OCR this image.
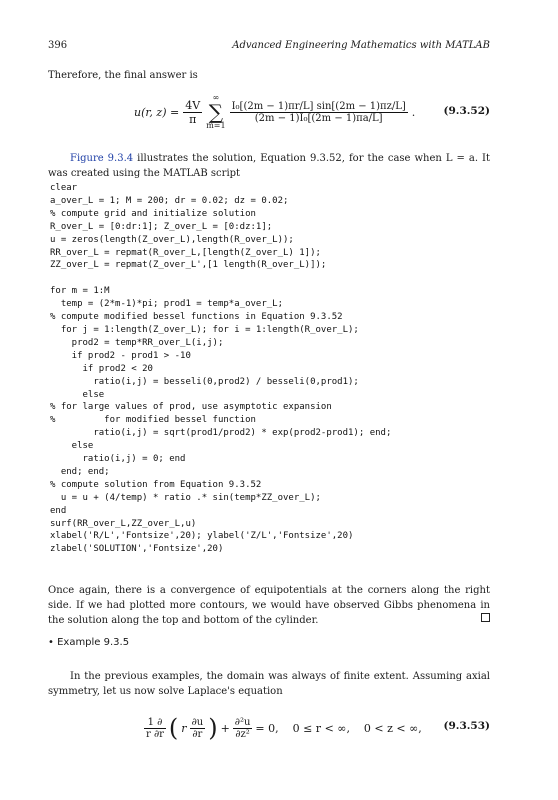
396	Advanced Engineering Mathematics with MATLAB
Therefore, the final answer is
u(r, $z) = \frac{4V}{\pi}$
∞
∑
m=1
$\frac{\text{I₀[(2m − 1)πr/L] sin[(2m − 1)πz/L]}}{\text{(2m − 1)I₀[(2m − 1)πa/L]}}$ .	(9.3.52)
Figure 9.3.4 illustrates the solution, Equation 9.3.52, for the case when L = a. It was created using the MATLAB script
clear
a_over_L = 1; M = 200; dr = 0.02; dz = 0.02;
% compute grid and initialize solution
R_over_L = [0:dr:1]; Z_over_L = [0:dz:1];
u = zeros(length(Z_over_L),length(R_over_L));
RR_over_L = repmat(R_over_L,[length(Z_over_L) 1]);
ZZ_over_L = repmat(Z_over_L',[1 length(R_over_L)]);

for m = 1:M
temp = (2*m-1)*pi; prod1 = temp*a_over_L;
% compute modified bessel functions in Equation 9.3.52
for j = 1:length(Z_over_L); for i = 1:length(R_over_L);
prod2 = temp*RR_over_L(i,j);
if prod2 - prod1 > -10
if prod2 < 20
ratio(i,j) = besseli(0,prod2) / besseli(0,prod1);
else
% for large values of prod, use asymptotic expansion
%         for modified bessel function
ratio(i,j) = sqrt(prod1/prod2) * exp(prod2-prod1); end;
else
ratio(i,j) = 0; end
end; end;
% compute solution from Equation 9.3.52
u = u + (4/temp) * ratio .* sin(temp*ZZ_over_L);
end
surf(RR_over_L,ZZ_over_L,u)
xlabel('R/L','Fontsize',20); ylabel('Z/L','Fontsize',20)
zlabel('SOLUTION','Fontsize',20)
Once again, there is a convergence of equipotentials at the corners along the right side. If we had plotted more contours, we would have observed Gibbs phenomena in the solution along the top and bottom of the cylinder.
• Example 9.3.5
In the previous examples, the domain was always of finite extent. Assuming axial symmetry, let us now solve Laplace's equation
$\frac{1 \partial}{r \partial r}$ ( r $\frac{\partial u}{\partial r}$ ) + $\frac{\text{∂²u}}{\text{∂z²}} = 0$,    0 ≤ r < ∞,    0 < z < ∞, (9.3.53)
